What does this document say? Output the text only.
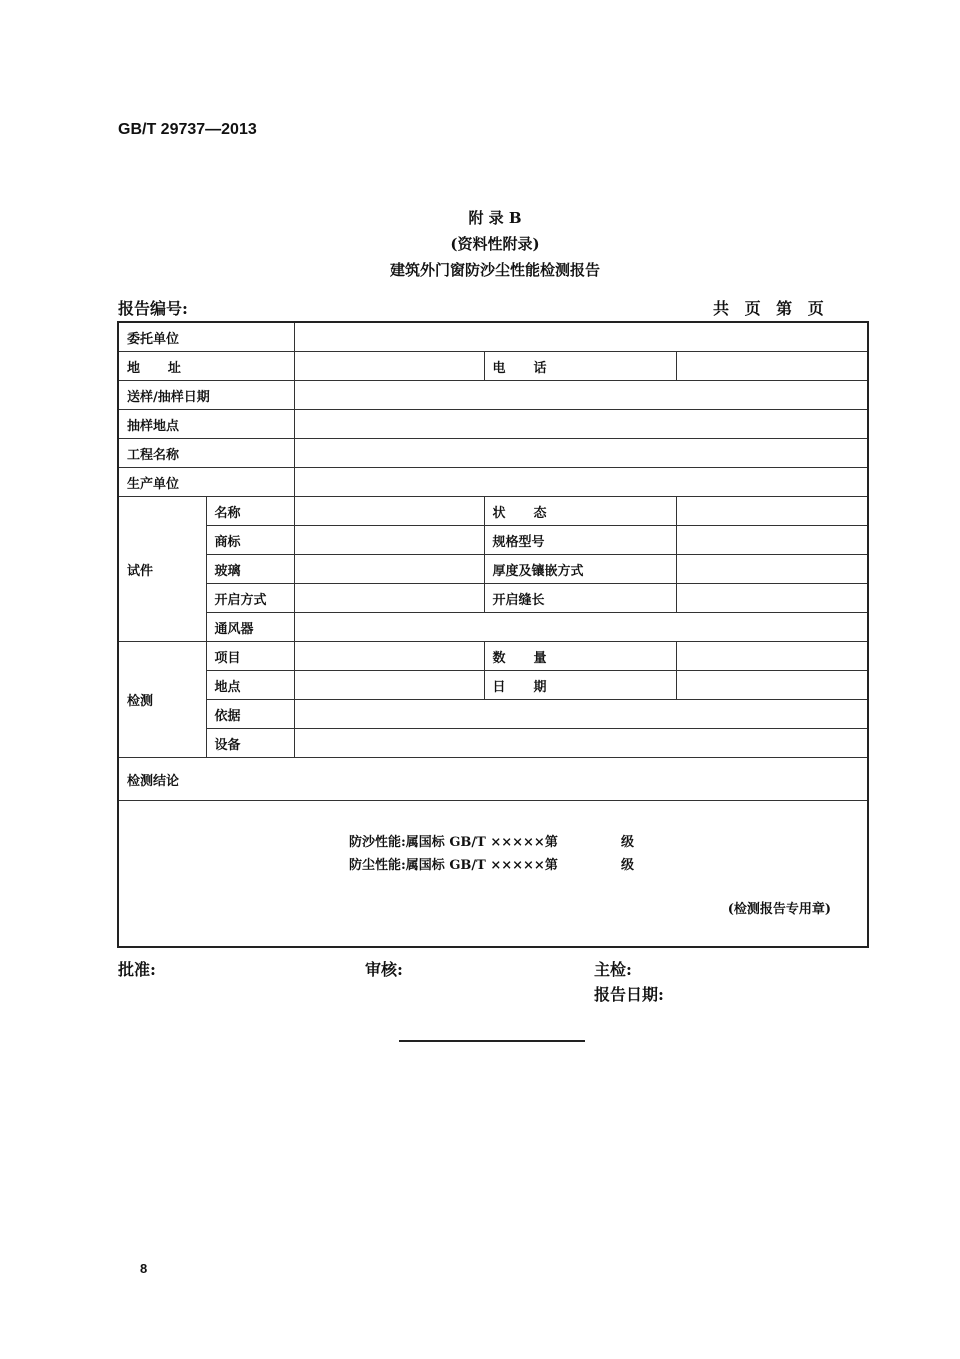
GB/T 29737—2013
附 录 B
(资料性附录)
建筑外门窗防沙尘性能检测报告
报告编号:	共 页 第 页
委托单位				
地 址			电 话	
送样/抽样日期				
抽样地点				
工程名称				
生产单位				
试件	名称		状 态	
	商标		规格型号	
	玻璃		厚度及镶嵌方式	
	开启方式		开启缝长	
	通风器			
检测	项目		数 量	
	地点		日 期	
	依据			
	设备			
检测结论				

防沙性能:属国标 GB/T ×××××第 级
防尘性能:属国标 GB/T ×××××第 级
(检测报告专用章)				
批准:	审核:	主检:
报告日期:
8
